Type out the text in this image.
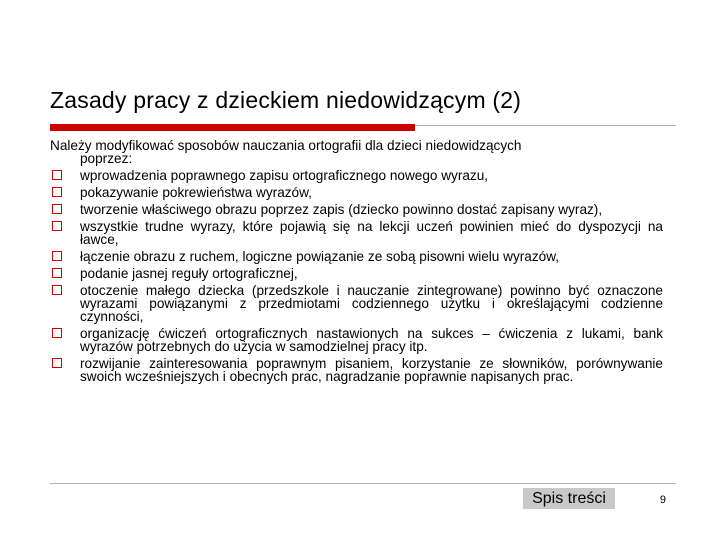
Zasady pracy z dzieckiem niedowidzącym (2)

Należy modyfikować sposobów nauczania ortografii dla dzieci niedowidzących
poprzez:

wprowadzenia poprawnego zapisu ortograficznego nowego wyrazu,
pokazywanie pokrewieństwa wyrazów,
tworzenie właściwego obrazu poprzez zapis (dziecko powinno dostać zapisany wyraz),
wszystkie trudne wyrazy, które pojawią się na lekcji uczeń powinien mieć do dyspozycji na ławce,
łączenie obrazu z ruchem, logiczne powiązanie ze sobą pisowni wielu wyrazów,
podanie jasnej reguły ortograficznej,
otoczenie małego dziecka (przedszkole i nauczanie zintegrowane) powinno być oznaczone wyrazami powiązanymi z przedmiotami codziennego użytku i określającymi codzienne czynności,
organizację ćwiczeń ortograficznych nastawionych na sukces – ćwiczenia z lukami, bank wyrazów potrzebnych do użycia w samodzielnej pracy itp.
rozwijanie zainteresowania poprawnym pisaniem, korzystanie ze słowników, porównywanie swoich wcześniejszych i obecnych prac, nagradzanie poprawnie napisanych prac.
Spis treści	9
